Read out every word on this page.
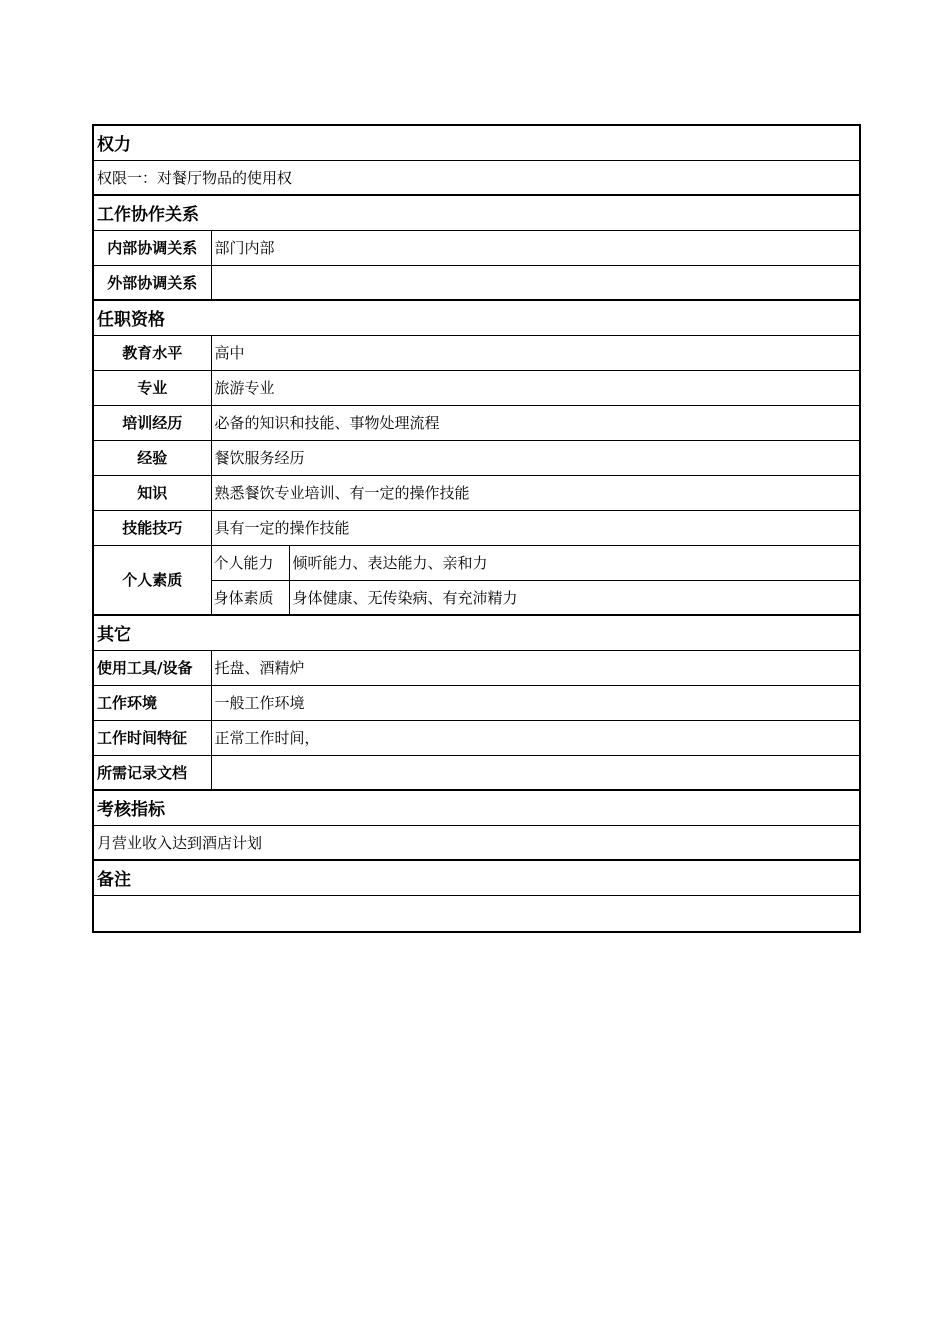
权力		
权限一：对餐厅物品的使用权		
工作协作关系		
内部协调关系	部门内部	
外部协调关系		
任职资格		
教育水平	高中	
专业	旅游专业	
培训经历	必备的知识和技能、事物处理流程	
经验	餐饮服务经历	
知识	熟悉餐饮专业培训、有一定的操作技能	
技能技巧	具有一定的操作技能	
个人素质	个人能力	倾听能力、表达能力、亲和力
	身体素质	身体健康、无传染病、有充沛精力
其它		
使用工具/设备	托盘、酒精炉	
工作环境	一般工作环境	
工作时间特征	正常工作时间，	
所需记录文档		
考核指标		
月营业收入达到酒店计划		
备注		
